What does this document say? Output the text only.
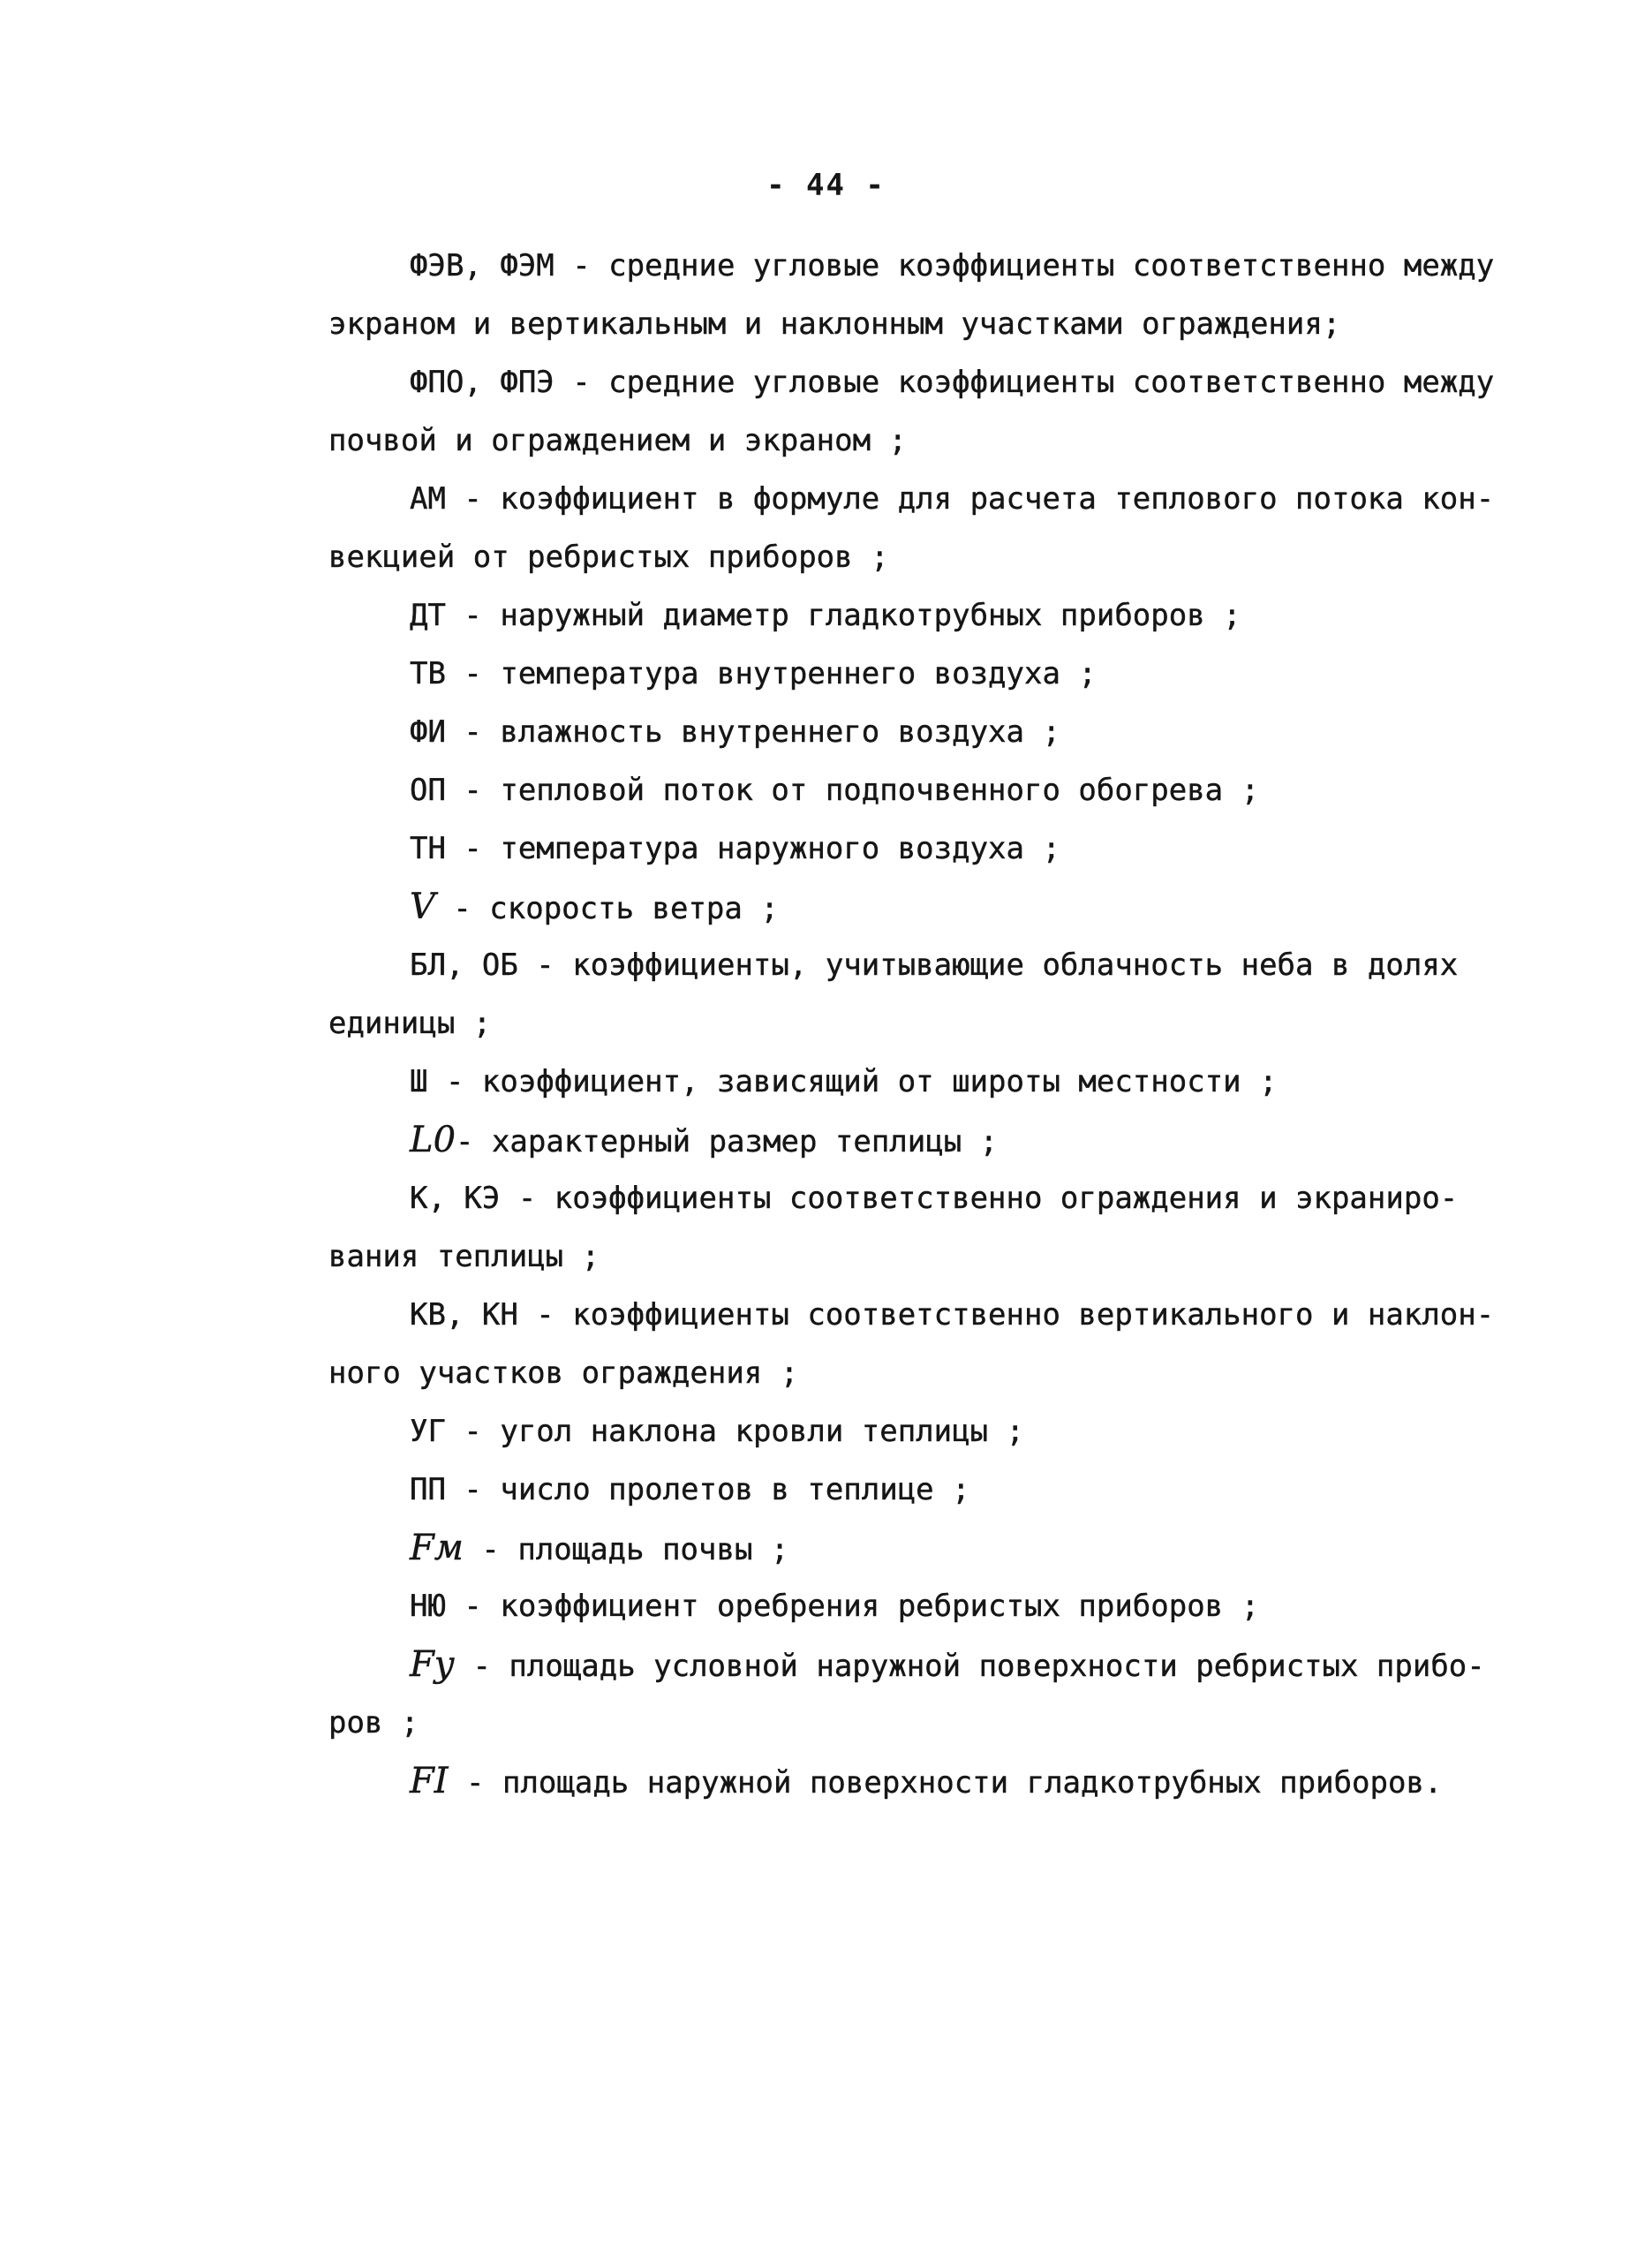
- 44 -
ФЭВ, ФЭМ - средние угловые коэффициенты соответственно между
экраном и вертикальным и наклонным участками ограждения;
ФПО, ФПЭ - средние угловые коэффициенты соответственно между
почвой и ограждением и экраном ;
АМ - коэффициент в формуле для расчета теплового потока кон-
векцией от ребристых приборов ;
ДТ - наружный диаметр гладкотрубных приборов ;
ТВ - температура внутреннего воздуха ;
ФИ - влажность внутреннего воздуха ;
ОП - тепловой поток от подпочвенного обогрева ;
ТН - температура наружного воздуха ;
V - скорость ветра ;
БЛ, ОБ - коэффициенты, учитывающие облачность неба в долях
единицы ;
Ш - коэффициент, зависящий от широты местности ;
L0- характерный размер теплицы ;
К, КЭ - коэффициенты соответственно ограждения и экраниро-
вания теплицы ;
КВ, КН - коэффициенты соответственно вертикального и наклон-
ного участков ограждения ;
УГ - угол наклона кровли теплицы ;
ПП - число пролетов в теплице ;
Fм - площадь почвы ;
НЮ - коэффициент оребрения ребристых приборов ;
Fу - площадь условной наружной поверхности ребристых прибо-
ров ;
FI - площадь наружной поверхности гладкотрубных приборов.
